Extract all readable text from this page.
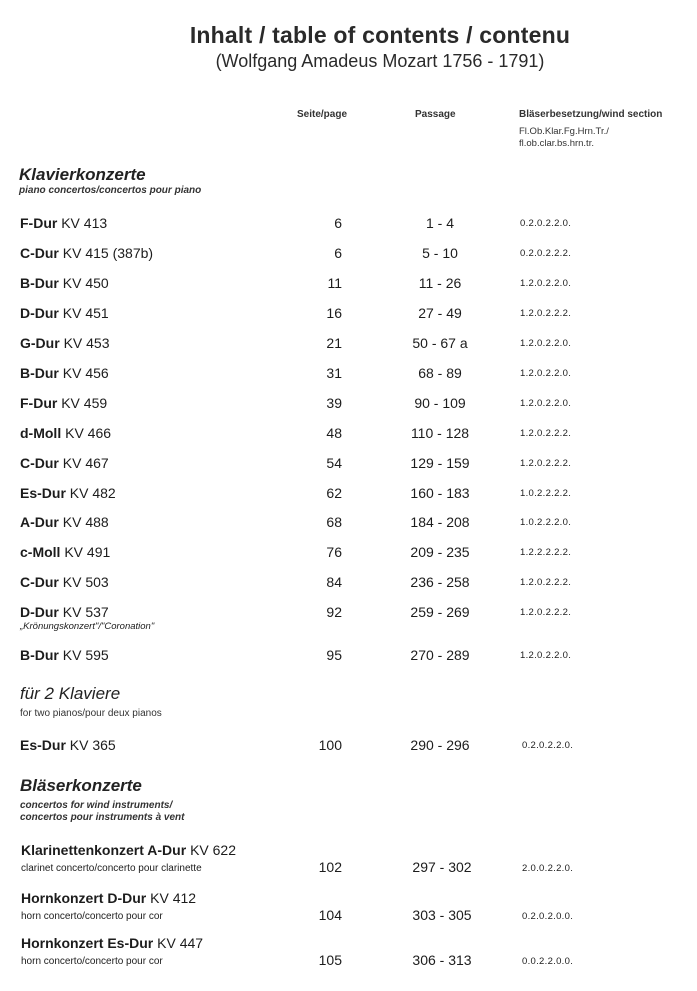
Inhalt / table of contents / contenu
(Wolfgang Amadeus Mozart 1756 - 1791)
Seite/page	Passage	Bläserbesetzung/wind section
Fl.Ob.Klar.Fg.Hrn.Tr./
fl.ob.clar.bs.hrn.tr.
Klavierkonzerte
piano concertos/concertos pour piano
F-Dur KV 413	6	1 - 4	0.2.0.2.2.0.
C-Dur KV 415 (387b)	6	5 - 10	0.2.0.2.2.2.
B-Dur KV 450	11	11 - 26	1.2.0.2.2.0.
D-Dur KV 451	16	27 - 49	1.2.0.2.2.2.
G-Dur KV 453	21	50 - 67 a	1.2.0.2.2.0.
B-Dur KV 456	31	68 - 89	1.2.0.2.2.0.
F-Dur KV 459	39	90 - 109	1.2.0.2.2.0.
d-Moll KV 466	48	110 - 128	1.2.0.2.2.2.
C-Dur KV 467	54	129 - 159	1.2.0.2.2.2.
Es-Dur KV 482	62	160 - 183	1.0.2.2.2.2.
A-Dur KV 488	68	184 - 208	1.0.2.2.2.0.
c-Moll KV 491	76	209 - 235	1.2.2.2.2.2.
C-Dur KV 503	84	236 - 258	1.2.0.2.2.2.
D-Dur KV 537	92	259 - 269	1.2.0.2.2.2.
„Krönungskonzert"/"Coronation"
B-Dur KV 595	95	270 - 289	1.2.0.2.2.0.
für 2 Klaviere
for two pianos/pour deux pianos
Es-Dur KV 365	100	290 - 296	0.2.0.2.2.0.
Bläserkonzerte
concertos for wind instruments/
concertos pour instruments à vent
Klarinettenkonzert A-Dur KV 622
clarinet concerto/concerto pour clarinette	102	297 - 302	2.0.0.2.2.0.
Hornkonzert D-Dur KV 412
horn concerto/concerto pour cor	104	303 - 305	0.2.0.2.0.0.
Hornkonzert Es-Dur KV 447
horn concerto/concerto pour cor	105	306 - 313	0.0.2.2.0.0.
